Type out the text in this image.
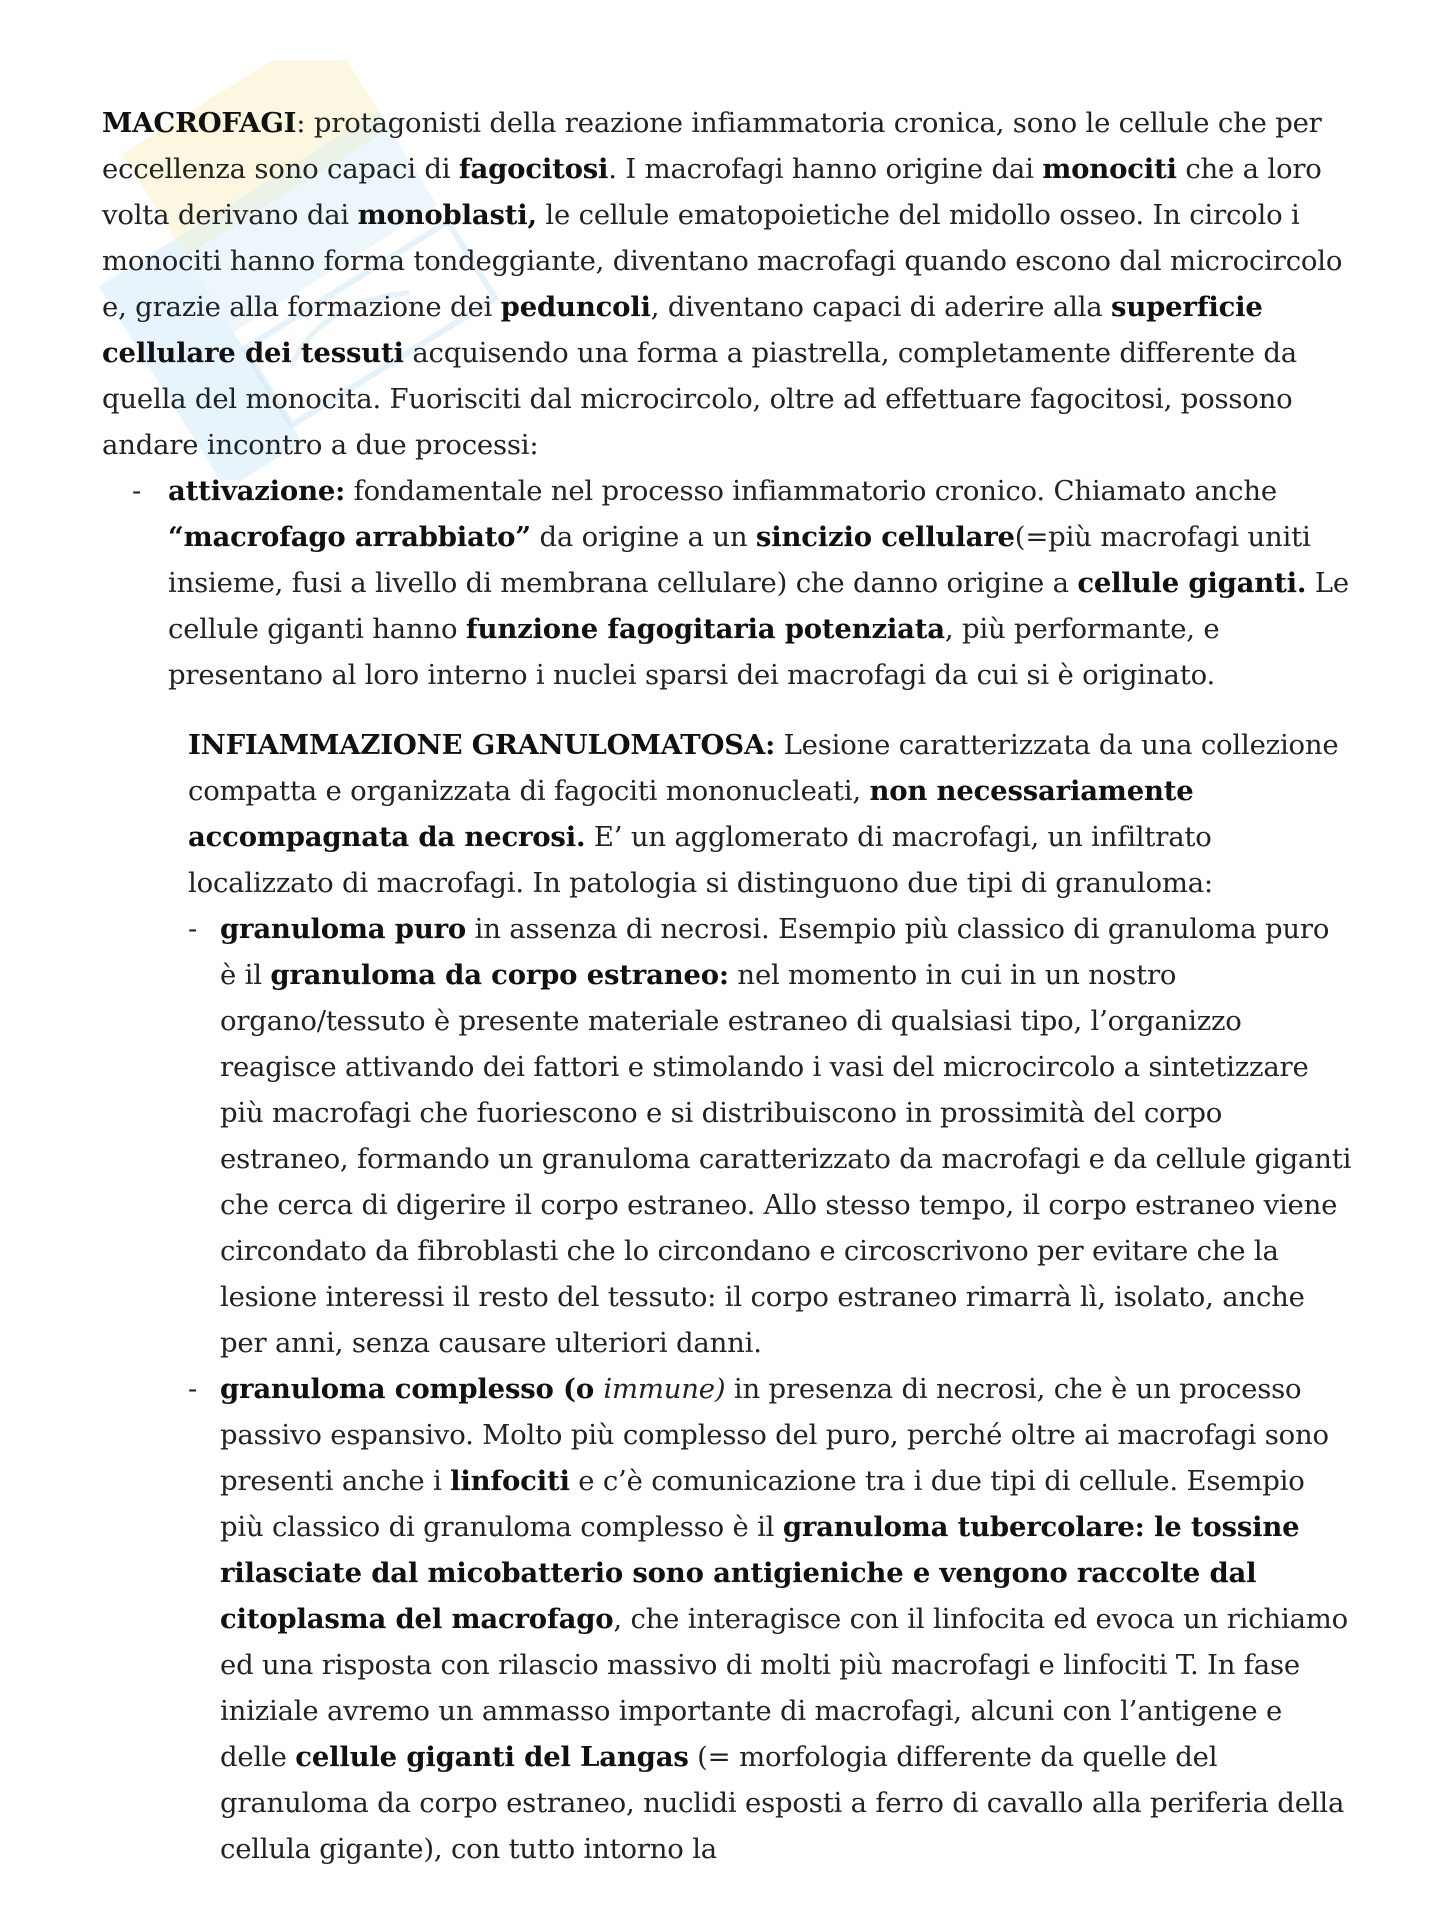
MACROFAGI: protagonisti della reazione infiammatoria cronica, sono le cellule che per eccellenza sono capaci di fagocitosi. I macrofagi hanno origine dai monociti che a loro volta derivano dai monoblasti, le cellule ematopoietiche del midollo osseo. In circolo i monociti hanno forma tondeggiante, diventano macrofagi quando escono dal microcircolo e, grazie alla formazione dei peduncoli, diventano capaci di aderire alla superficie cellulare dei tessuti acquisendo una forma a piastrella, completamente differente da quella del monocita. Fuorisciti dal microcircolo, oltre ad effettuare fagocitosi, possono andare incontro a due processi:

- attivazione: fondamentale nel processo infiammatorio cronico. Chiamato anche “macrofago arrabbiato” da origine a un sincizio cellulare(=più macrofagi uniti insieme, fusi a livello di membrana cellulare) che danno origine a cellule giganti. Le cellule giganti hanno funzione fagogitaria potenziata, più performante, e presentano al loro interno i nuclei sparsi dei macrofagi da cui si è originato.

INFIAMMAZIONE GRANULOMATOSA: Lesione caratterizzata da una collezione compatta e organizzata di fagociti mononucleati, non necessariamente accompagnata da necrosi. E’ un agglomerato di macrofagi, un infiltrato localizzato di macrofagi. In patologia si distinguono due tipi di granuloma:

- granuloma puro in assenza di necrosi. Esempio più classico di granuloma puro è il granuloma da corpo estraneo: nel momento in cui in un nostro organo/tessuto è presente materiale estraneo di qualsiasi tipo, l’organizzo reagisce attivando dei fattori e stimolando i vasi del microcircolo a sintetizzare più macrofagi che fuoriescono e si distribuiscono in prossimità del corpo estraneo, formando un granuloma caratterizzato da macrofagi e da cellule giganti che cerca di digerire il corpo estraneo. Allo stesso tempo, il corpo estraneo viene circondato da fibroblasti che lo circondano e circoscrivono per evitare che la lesione interessi il resto del tessuto: il corpo estraneo rimarrà lì, isolato, anche per anni, senza causare ulteriori danni.
- granuloma complesso (o immune) in presenza di necrosi, che è un processo passivo espansivo. Molto più complesso del puro, perché oltre ai macrofagi sono presenti anche i linfociti e c’è comunicazione tra i due tipi di cellule. Esempio più classico di granuloma complesso è il granuloma tubercolare: le tossine rilasciate dal micobatterio sono antigieniche e vengono raccolte dal citoplasma del macrofago, che interagisce con il linfocita ed evoca un richiamo ed una risposta con rilascio massivo di molti più macrofagi e linfociti T. In fase iniziale avremo un ammasso importante di macrofagi, alcuni con l’antigene e delle cellule giganti del Langas (= morfologia differente da quelle del granuloma da corpo estraneo, nuclidi esposti a ferro di cavallo alla periferia della cellula gigante), con tutto intorno la
